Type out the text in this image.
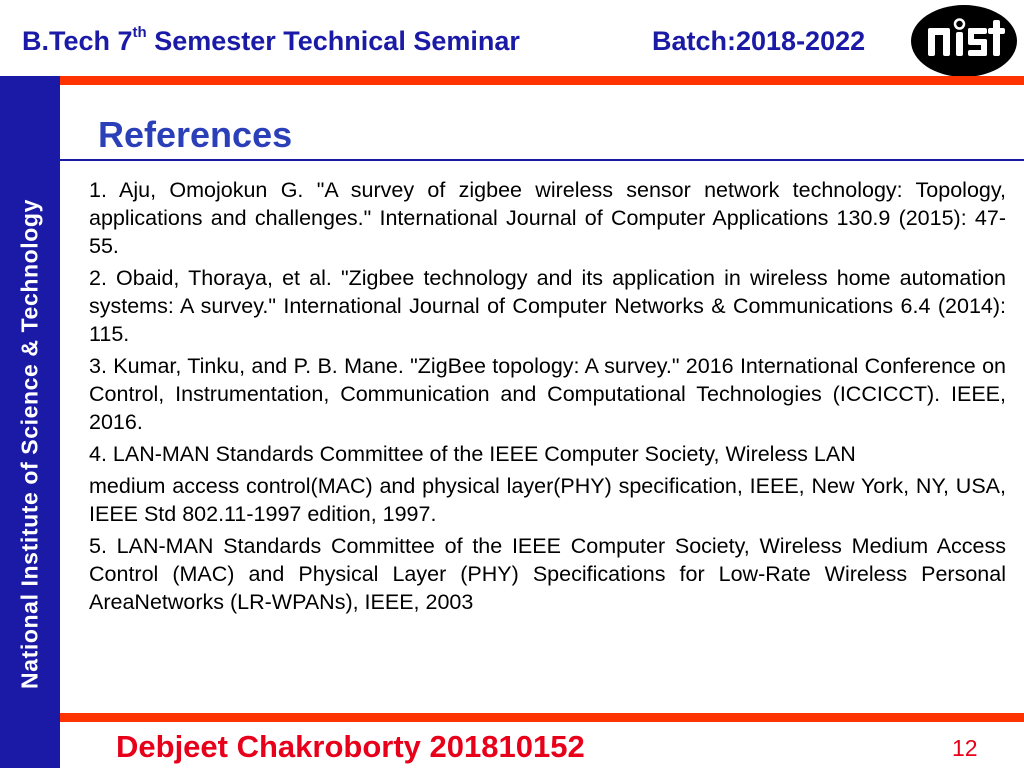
B.Tech 7th Semester Technical Seminar	Batch:2018-2022
National Institute of Science & Technology
References
1. Aju, Omojokun G. "A survey of zigbee wireless sensor network technology: Topology, applications and challenges." International Journal of Computer Applications 130.9 (2015): 47-55.
2. Obaid, Thoraya, et al. "Zigbee technology and its application in wireless home automation systems: A survey." International Journal of Computer Networks & Communications 6.4 (2014): 115.
3. Kumar, Tinku, and P. B. Mane. "ZigBee topology: A survey." 2016 International Conference on Control, Instrumentation, Communication and Computational Technologies (ICCICCT). IEEE, 2016.
4. LAN-MAN Standards Committee of the IEEE Computer Society, Wireless LAN
medium access control(MAC) and physical layer(PHY) specification, IEEE, New York, NY, USA, IEEE Std 802.11-1997 edition, 1997.
5. LAN-MAN Standards Committee of the IEEE Computer Society, Wireless Medium Access Control (MAC) and Physical Layer (PHY) Specifications for Low-Rate Wireless Personal AreaNetworks (LR-WPANs), IEEE, 2003
Debjeet Chakroborty 201810152	12
